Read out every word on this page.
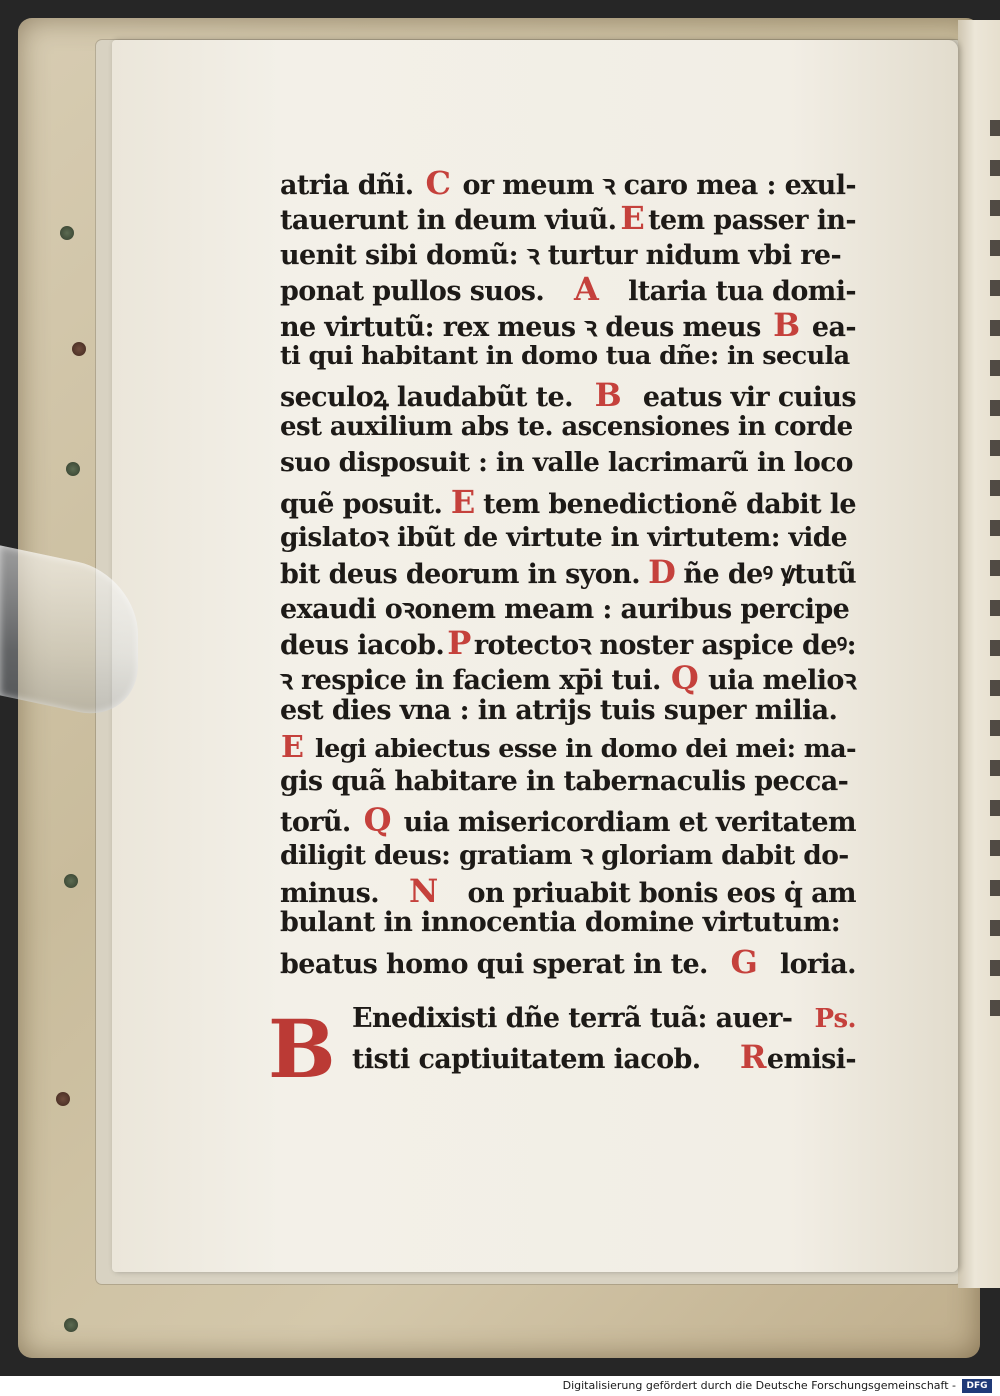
atria dñi. C or meum ꝛ caro mea : exul-
tauerunt in deum viuũ. E tem passer in-
uenit sibi domũ: ꝛ turtur nidum vbi re-
ponat pullos suos. A ltaria tua domi-
ne virtutũ: rex meus ꝛ deus meus B ea-
ti qui habitant in domo tua dñe: in secula
seculoꝝ laudabũt te. B eatus vir cuius
est auxilium abs te. ascensiones in corde
suo disposuit : in valle lacrimarũ in loco
quẽ posuit. E tem benedictionẽ dabit le
gislatoꝛ ibũt de virtute in virtutem: vide
bit deus deorum in syon. D ñe deꝰ ꝟtutũ
exaudi oꝛonem meam : auribus percipe
deus iacob. P rotectoꝛ noster aspice deꝰ:
ꝛ respice in faciem xp̄i tui. Q uia melioꝛ
est dies vna : in atrijs tuis super milia.
E legi abiectus esse in domo dei mei: ma-
gis quã habitare in tabernaculis pecca-
torũ. Q uia misericordiam et veritatem
diligit deus: gratiam ꝛ gloriam dabit do-
minus. N on priuabit bonis eos q̇ am
bulant in innocentia domine virtutum:
beatus homo qui sperat in te. G loria.
B Enedixisti dñe terrã tuã: auer- Ps.
tisti captiuitatem iacob. Remisi-
Digitalisierung gefördert durch die Deutsche Forschungsgemeinschaft -	DFG
